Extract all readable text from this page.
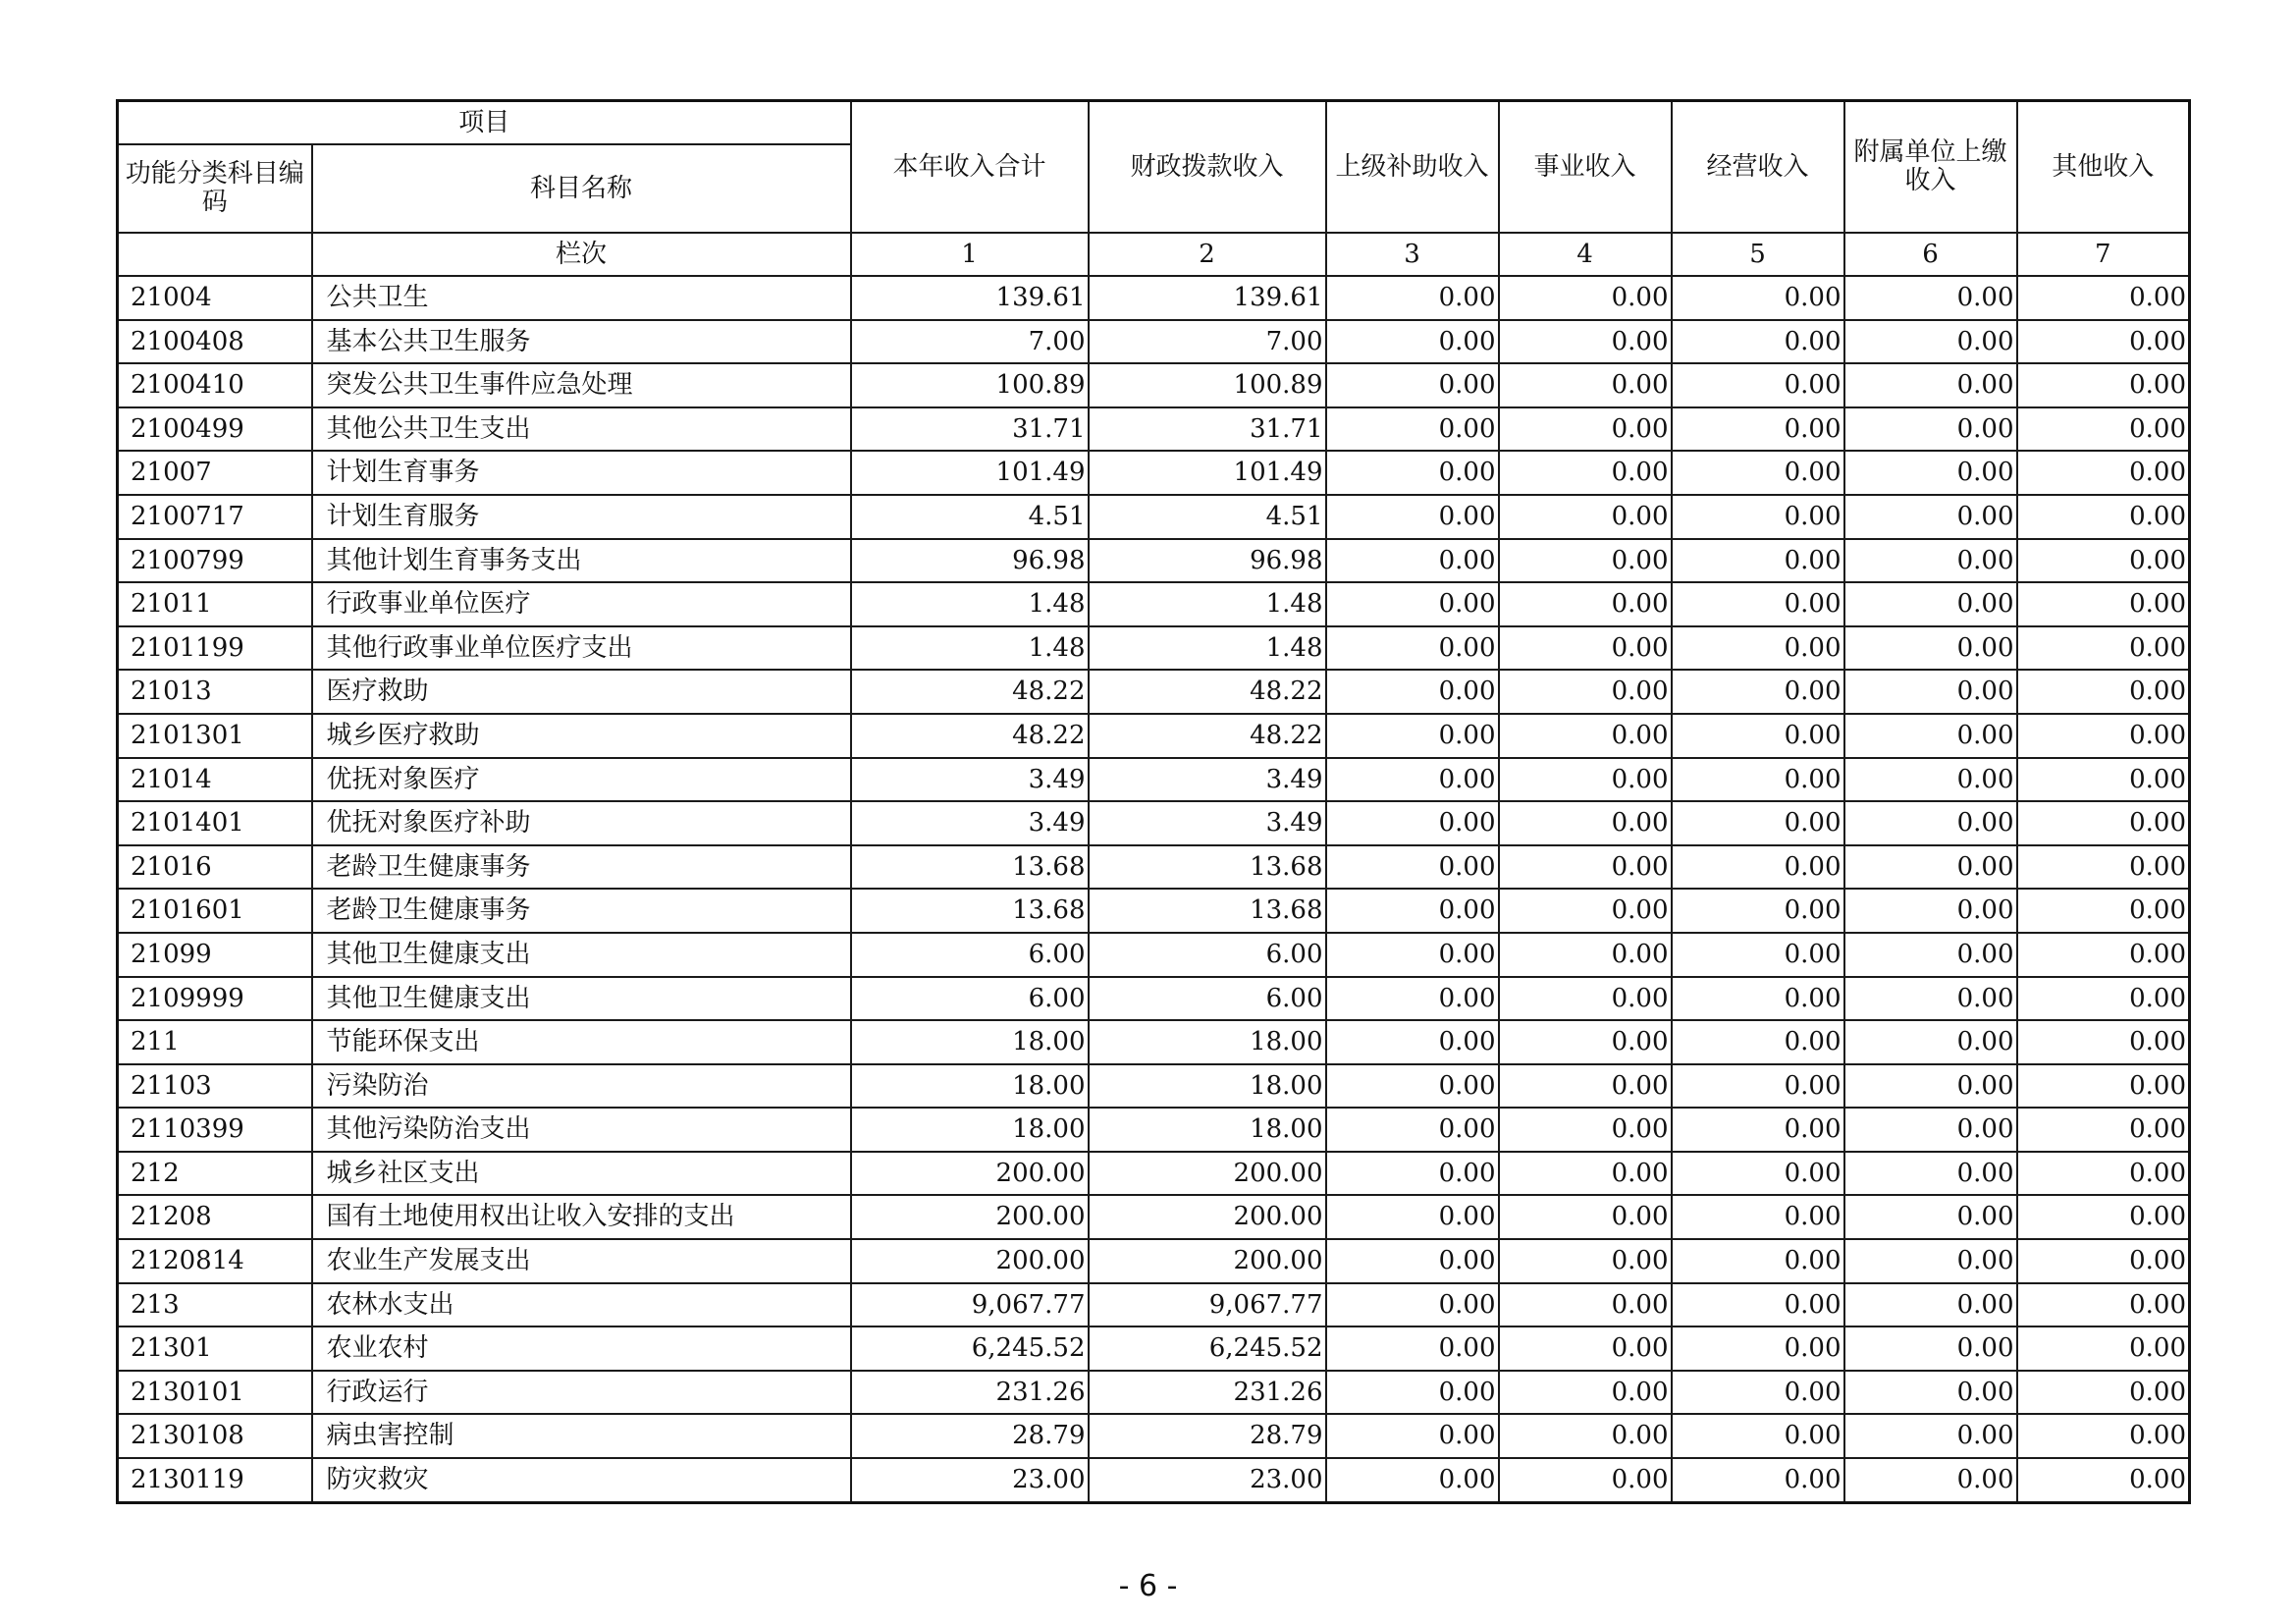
项目		本年收入合计	财政拨款收入	上级补助收入	事业收入	经营收入	附属单位上缴收入	其他收入
功能分类科目编码	科目名称							
	栏次	1	2	3	4	5	6	7
21004	公共卫生	139.61	139.61	0.00	0.00	0.00	0.00	0.00
2100408	基本公共卫生服务	7.00	7.00	0.00	0.00	0.00	0.00	0.00
2100410	突发公共卫生事件应急处理	100.89	100.89	0.00	0.00	0.00	0.00	0.00
2100499	其他公共卫生支出	31.71	31.71	0.00	0.00	0.00	0.00	0.00
21007	计划生育事务	101.49	101.49	0.00	0.00	0.00	0.00	0.00
2100717	计划生育服务	4.51	4.51	0.00	0.00	0.00	0.00	0.00
2100799	其他计划生育事务支出	96.98	96.98	0.00	0.00	0.00	0.00	0.00
21011	行政事业单位医疗	1.48	1.48	0.00	0.00	0.00	0.00	0.00
2101199	其他行政事业单位医疗支出	1.48	1.48	0.00	0.00	0.00	0.00	0.00
21013	医疗救助	48.22	48.22	0.00	0.00	0.00	0.00	0.00
2101301	城乡医疗救助	48.22	48.22	0.00	0.00	0.00	0.00	0.00
21014	优抚对象医疗	3.49	3.49	0.00	0.00	0.00	0.00	0.00
2101401	优抚对象医疗补助	3.49	3.49	0.00	0.00	0.00	0.00	0.00
21016	老龄卫生健康事务	13.68	13.68	0.00	0.00	0.00	0.00	0.00
2101601	老龄卫生健康事务	13.68	13.68	0.00	0.00	0.00	0.00	0.00
21099	其他卫生健康支出	6.00	6.00	0.00	0.00	0.00	0.00	0.00
2109999	其他卫生健康支出	6.00	6.00	0.00	0.00	0.00	0.00	0.00
211	节能环保支出	18.00	18.00	0.00	0.00	0.00	0.00	0.00
21103	污染防治	18.00	18.00	0.00	0.00	0.00	0.00	0.00
2110399	其他污染防治支出	18.00	18.00	0.00	0.00	0.00	0.00	0.00
212	城乡社区支出	200.00	200.00	0.00	0.00	0.00	0.00	0.00
21208	国有土地使用权出让收入安排的支出	200.00	200.00	0.00	0.00	0.00	0.00	0.00
2120814	农业生产发展支出	200.00	200.00	0.00	0.00	0.00	0.00	0.00
213	农林水支出	9,067.77	9,067.77	0.00	0.00	0.00	0.00	0.00
21301	农业农村	6,245.52	6,245.52	0.00	0.00	0.00	0.00	0.00
2130101	行政运行	231.26	231.26	0.00	0.00	0.00	0.00	0.00
2130108	病虫害控制	28.79	28.79	0.00	0.00	0.00	0.00	0.00
2130119	防灾救灾	23.00	23.00	0.00	0.00	0.00	0.00	0.00
- 6 -
